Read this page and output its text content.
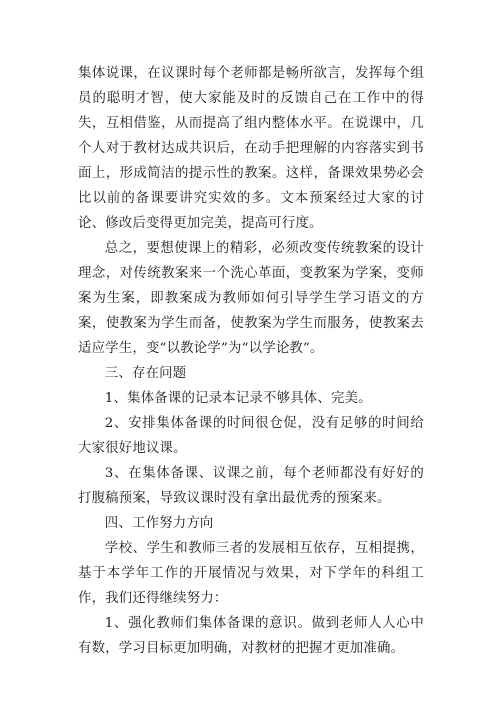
集体说课，在议课时每个老师都是畅所欲言，发挥每个组员的聪明才智，使大家能及时的反馈自己在工作中的得失，互相借鉴，从而提高了组内整体水平。在说课中，几个人对于教材达成共识后，在动手把理解的内容落实到书面上，形成简洁的提示性的教案。这样，备课效果势必会比以前的备课要讲究实效的多。文本预案经过大家的讨论、修改后变得更加完美，提高可行度。

总之，要想使课上的精彩，必须改变传统教案的设计理念，对传统教案来一个洗心革面，变教案为学案，变师案为生案，即教案成为教师如何引导学生学习语文的方案，使教案为学生而备，使教案为学生而服务，使教案去适应学生，变“以教论学”为“以学论教”。

三、存在问题

1、集体备课的记录本记录不够具体、完美。

2、安排集体备课的时间很仓促，没有足够的时间给大家很好地议课。

3、在集体备课、议课之前，每个老师都没有好好的打腹稿预案，导致议课时没有拿出最优秀的预案来。

四、工作努力方向

学校、学生和教师三者的发展相互依存，互相提携，基于本学年工作的开展情况与效果，对下学年的科组工作，我们还得继续努力：

1、强化教师们集体备课的意识。做到老师人人心中有数，学习目标更加明确，对教材的把握才更加准确。
